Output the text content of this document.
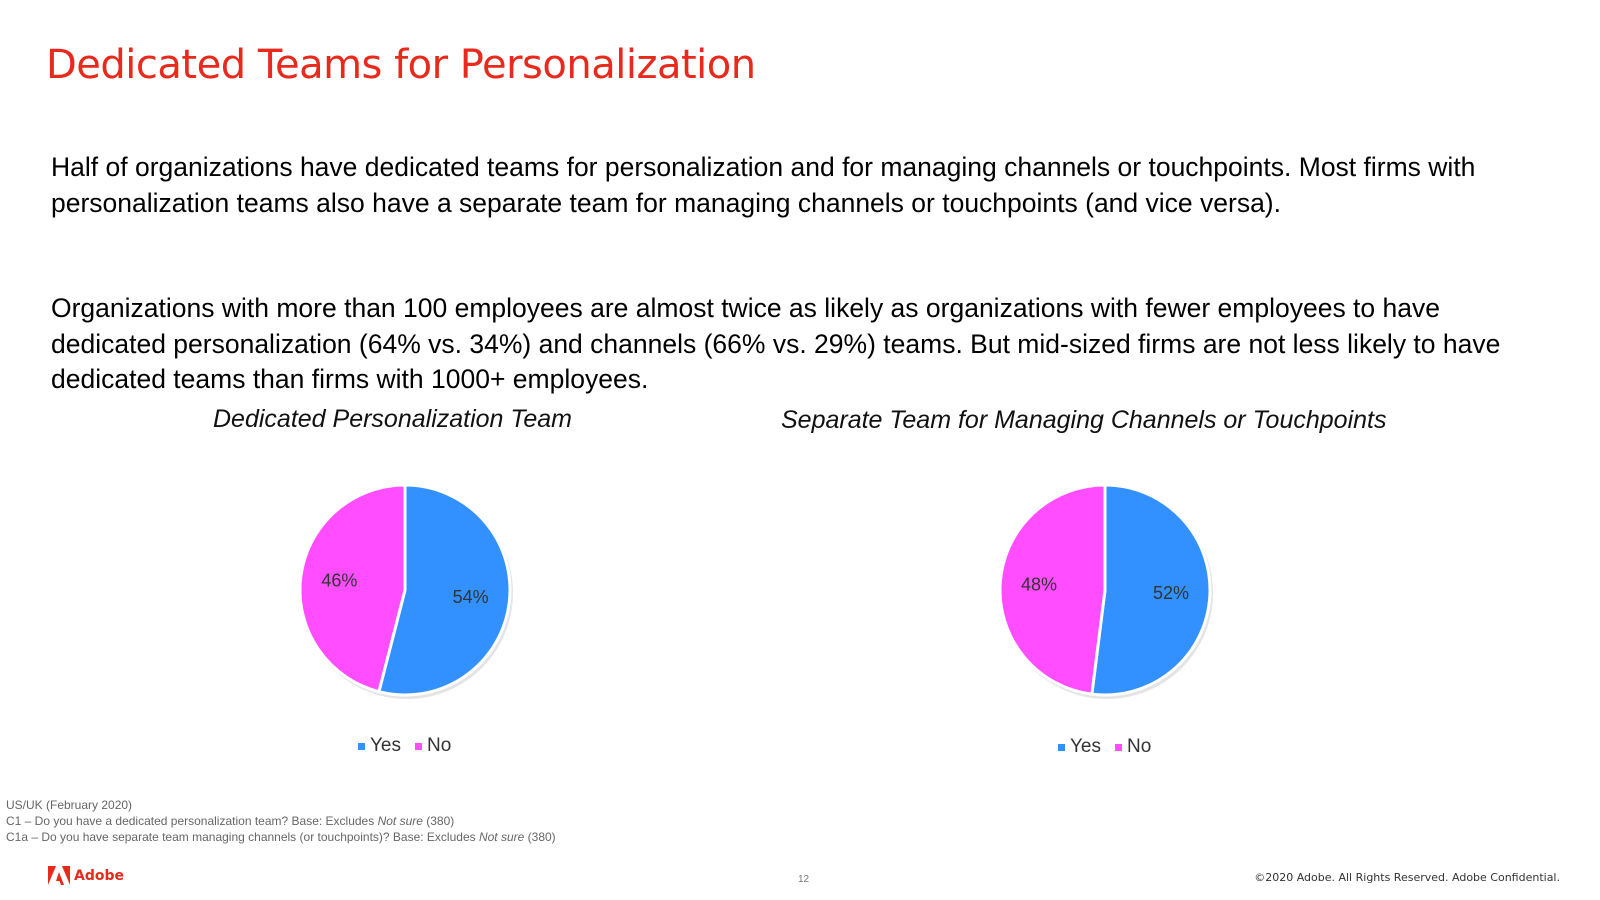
Dedicated Teams for Personalization

Half of organizations have dedicated teams for personalization and for managing channels or touchpoints. Most firms with personalization teams also have a separate team for managing channels or touchpoints (and vice versa).

Organizations with more than 100 employees are almost twice as likely as organizations with fewer employees to have dedicated personalization (64% vs. 34%) and channels (66% vs. 29%) teams. But mid-sized firms are not less likely to have dedicated teams than firms with 1000+ employees.

Dedicated Personalization Team	Separate Team for Managing Channels or Touchpoints
54%
46%
52%
48%
Yes No	Yes No
US/UK (February 2020)
C1 – Do you have a dedicated personalization team? Base: Excludes Not sure (380)
C1a – Do you have separate team managing channels (or touchpoints)? Base: Excludes Not sure (380)
Adobe	12	©2020 Adobe. All Rights Reserved. Adobe Confidential.
